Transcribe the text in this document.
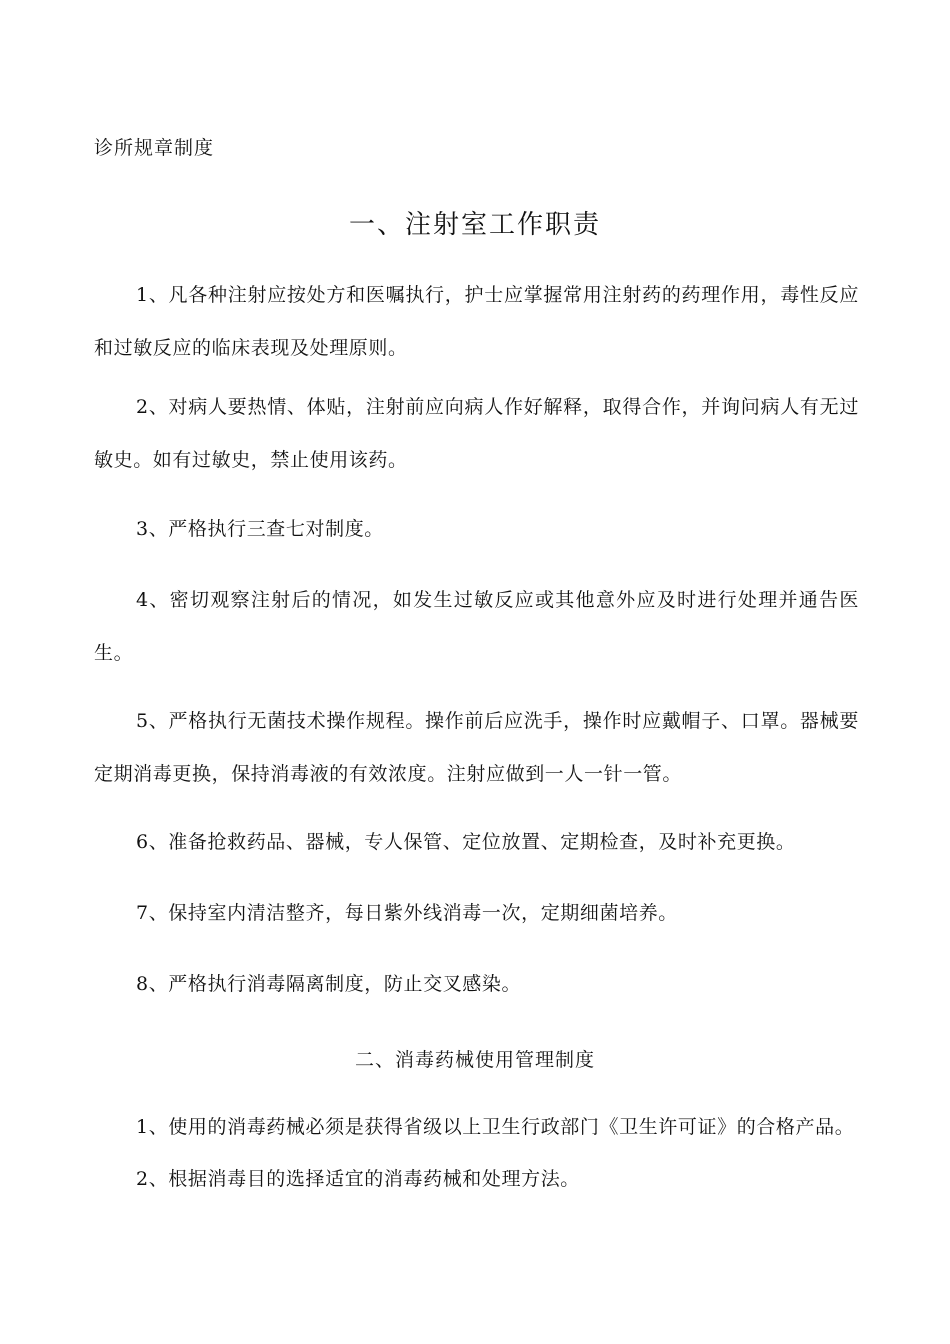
诊所规章制度

一、注射室工作职责

1、凡各种注射应按处方和医嘱执行，护士应掌握常用注射药的药理作用，毒性反应和过敏反应的临床表现及处理原则。

2、对病人要热情、体贴，注射前应向病人作好解释，取得合作，并询问病人有无过敏史。如有过敏史，禁止使用该药。

3、严格执行三查七对制度。

4、密切观察注射后的情况，如发生过敏反应或其他意外应及时进行处理并通告医生。

5、严格执行无菌技术操作规程。操作前后应洗手，操作时应戴帽子、口罩。器械要定期消毒更换，保持消毒液的有效浓度。注射应做到一人一针一管。

6、准备抢救药品、器械，专人保管、定位放置、定期检查，及时补充更换。

7、保持室内清洁整齐，每日紫外线消毒一次，定期细菌培养。

8、严格执行消毒隔离制度，防止交叉感染。

二、消毒药械使用管理制度

1、使用的消毒药械必须是获得省级以上卫生行政部门《卫生许可证》的合格产品。

2、根据消毒目的选择适宜的消毒药械和处理方法。
